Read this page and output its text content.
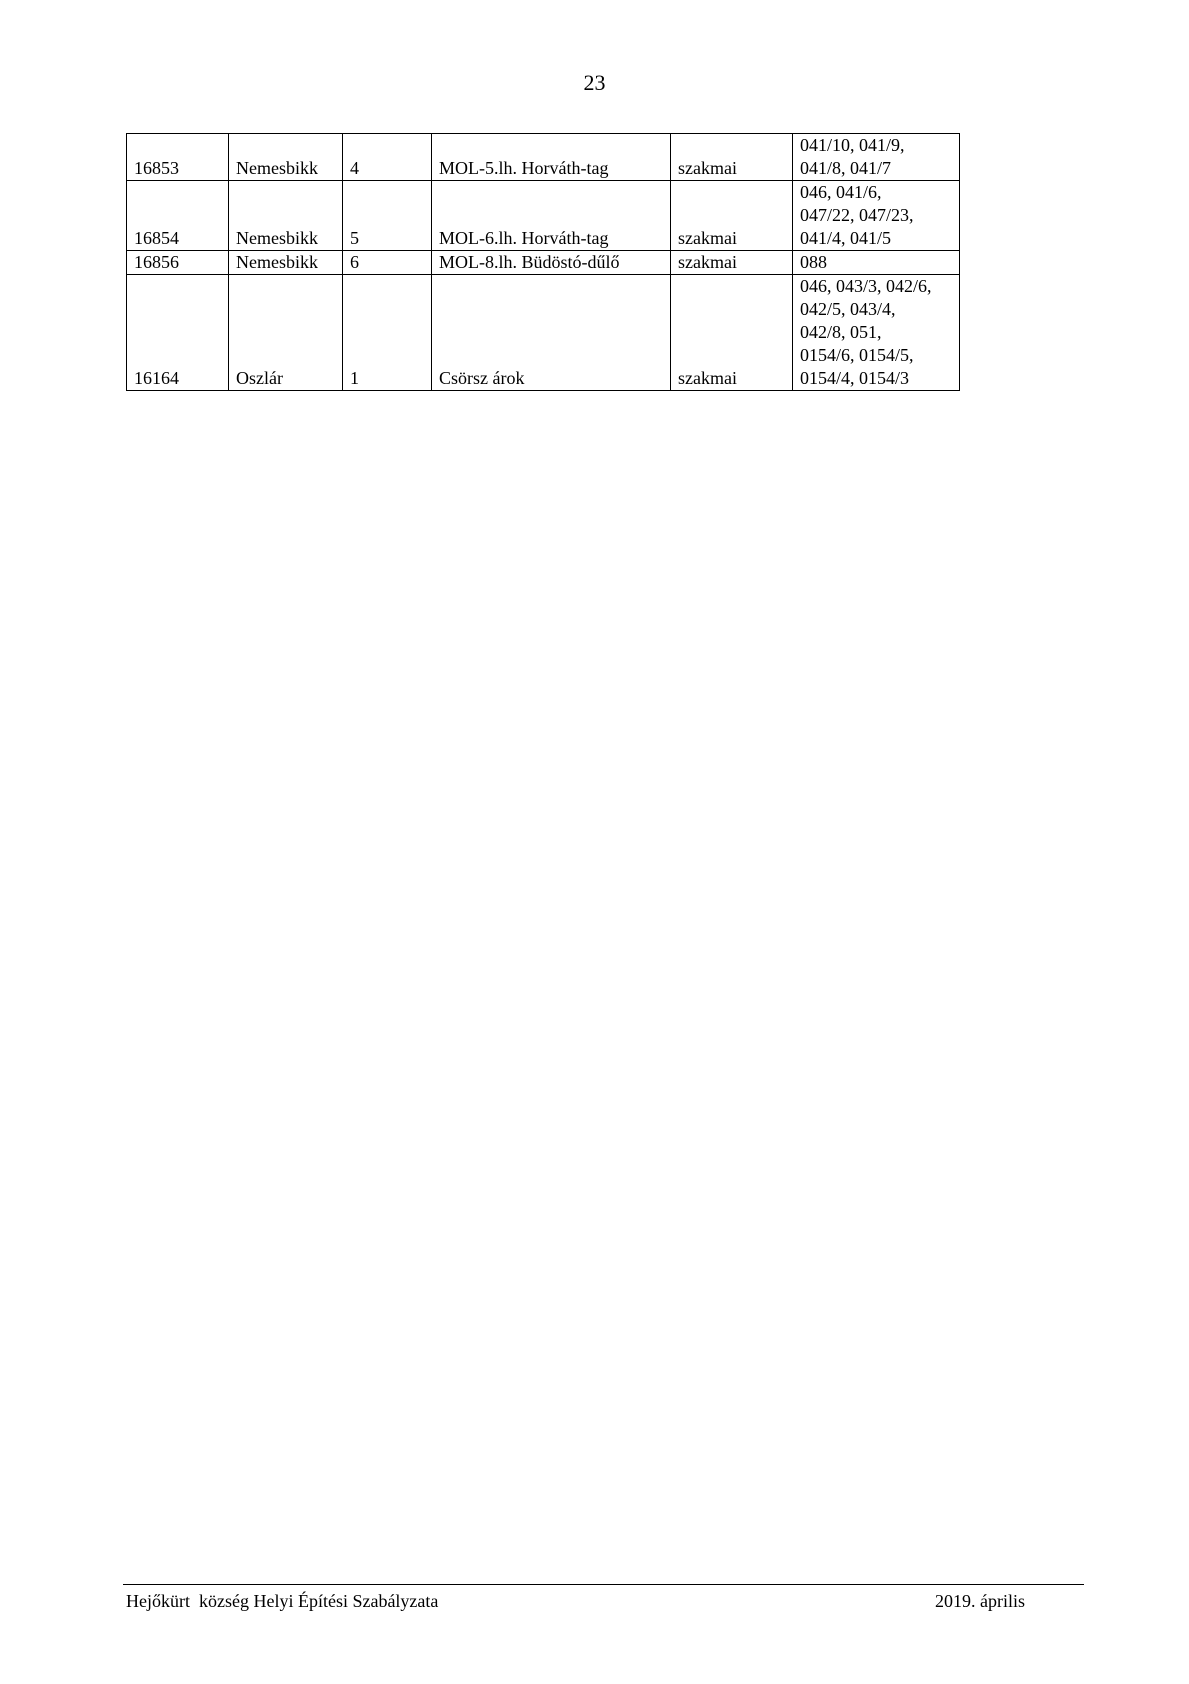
23
16853	Nemesbikk	4	MOL-5.lh. Horváth-tag	szakmai	041/10, 041/9,
041/8, 041/7

16854	Nemesbikk	5	MOL-6.lh. Horváth-tag	szakmai	046, 041/6,
047/22, 047/23,
041/4, 041/5

16856	Nemesbikk	6	MOL-8.lh. Büdöstó-dűlő	szakmai	088

16164	Oszlár	1	Csörsz árok	szakmai	046, 043/3, 042/6,
042/5, 043/4,
042/8, 051,
0154/6, 0154/5,
0154/4, 0154/3
Hejőkürt  község Helyi Építési Szabályzata	2019. április
